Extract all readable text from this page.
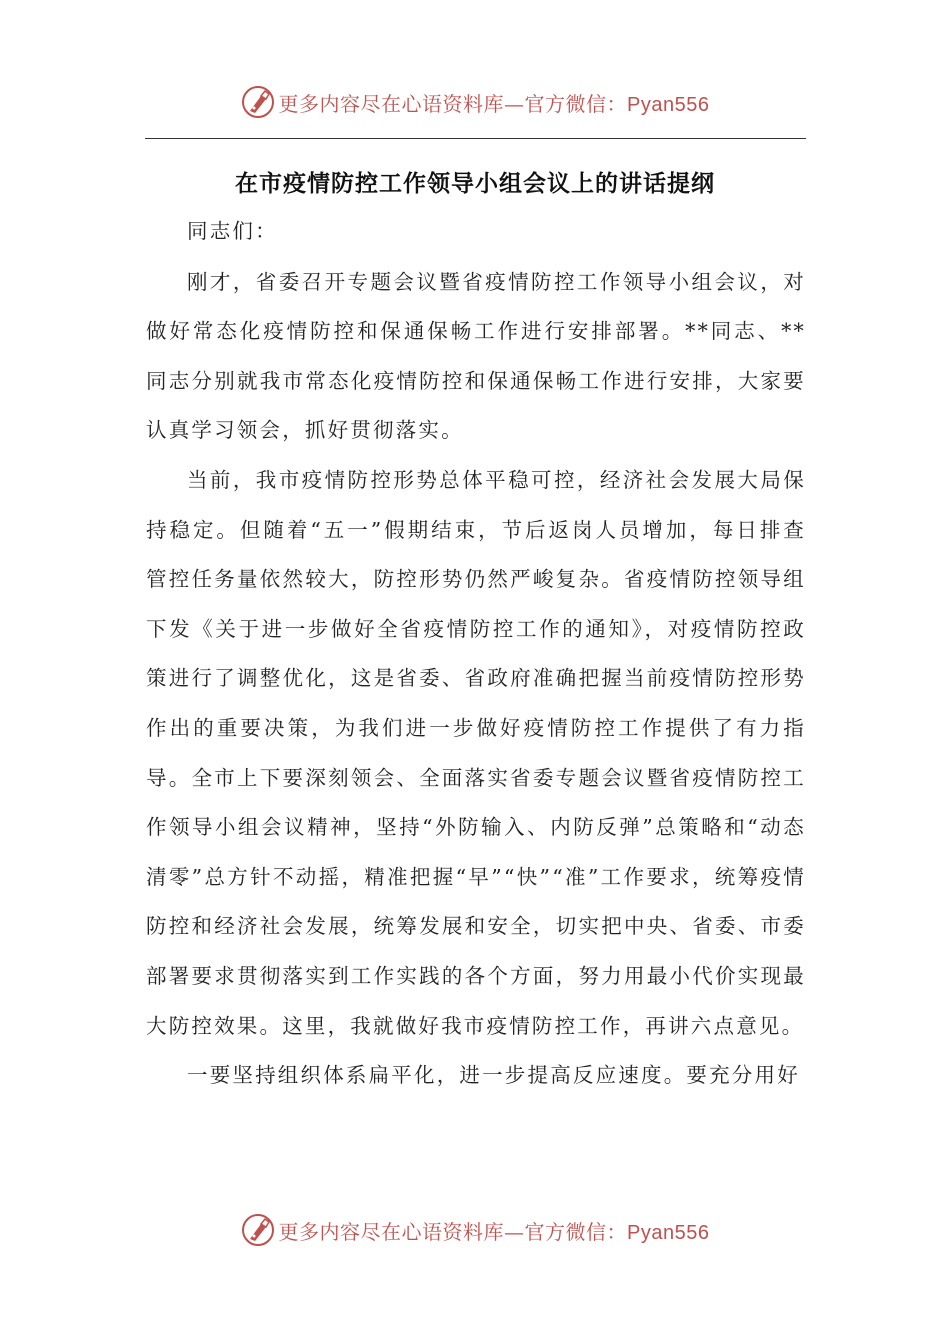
更多内容尽在心语资料库—官方微信：Pyan556
在市疫情防控工作领导小组会议上的讲话提纲

同志们：

刚才，省委召开专题会议暨省疫情防控工作领导小组会议，对做好常态化疫情防控和保通保畅工作进行安排部署。**同志、**同志分别就我市常态化疫情防控和保通保畅工作进行安排，大家要认真学习领会，抓好贯彻落实。

当前，我市疫情防控形势总体平稳可控，经济社会发展大局保持稳定。但随着“五一”假期结束，节后返岗人员增加，每日排查管控任务量依然较大，防控形势仍然严峻复杂。省疫情防控领导组下发《关于进一步做好全省疫情防控工作的通知》，对疫情防控政策进行了调整优化，这是省委、省政府准确把握当前疫情防控形势作出的重要决策，为我们进一步做好疫情防控工作提供了有力指导。全市上下要深刻领会、全面落实省委专题会议暨省疫情防控工作领导小组会议精神，坚持“外防输入、内防反弹”总策略和“动态清零”总方针不动摇，精准把握“早”“快”“准”工作要求，统筹疫情防控和经济社会发展，统筹发展和安全，切实把中央、省委、市委部署要求贯彻落实到工作实践的各个方面，努力用最小代价实现最大防控效果。这里，我就做好我市疫情防控工作，再讲六点意见。

一要坚持组织体系扁平化，进一步提高反应速度。要充分用好

更多内容尽在心语资料库—官方微信：Pyan556
